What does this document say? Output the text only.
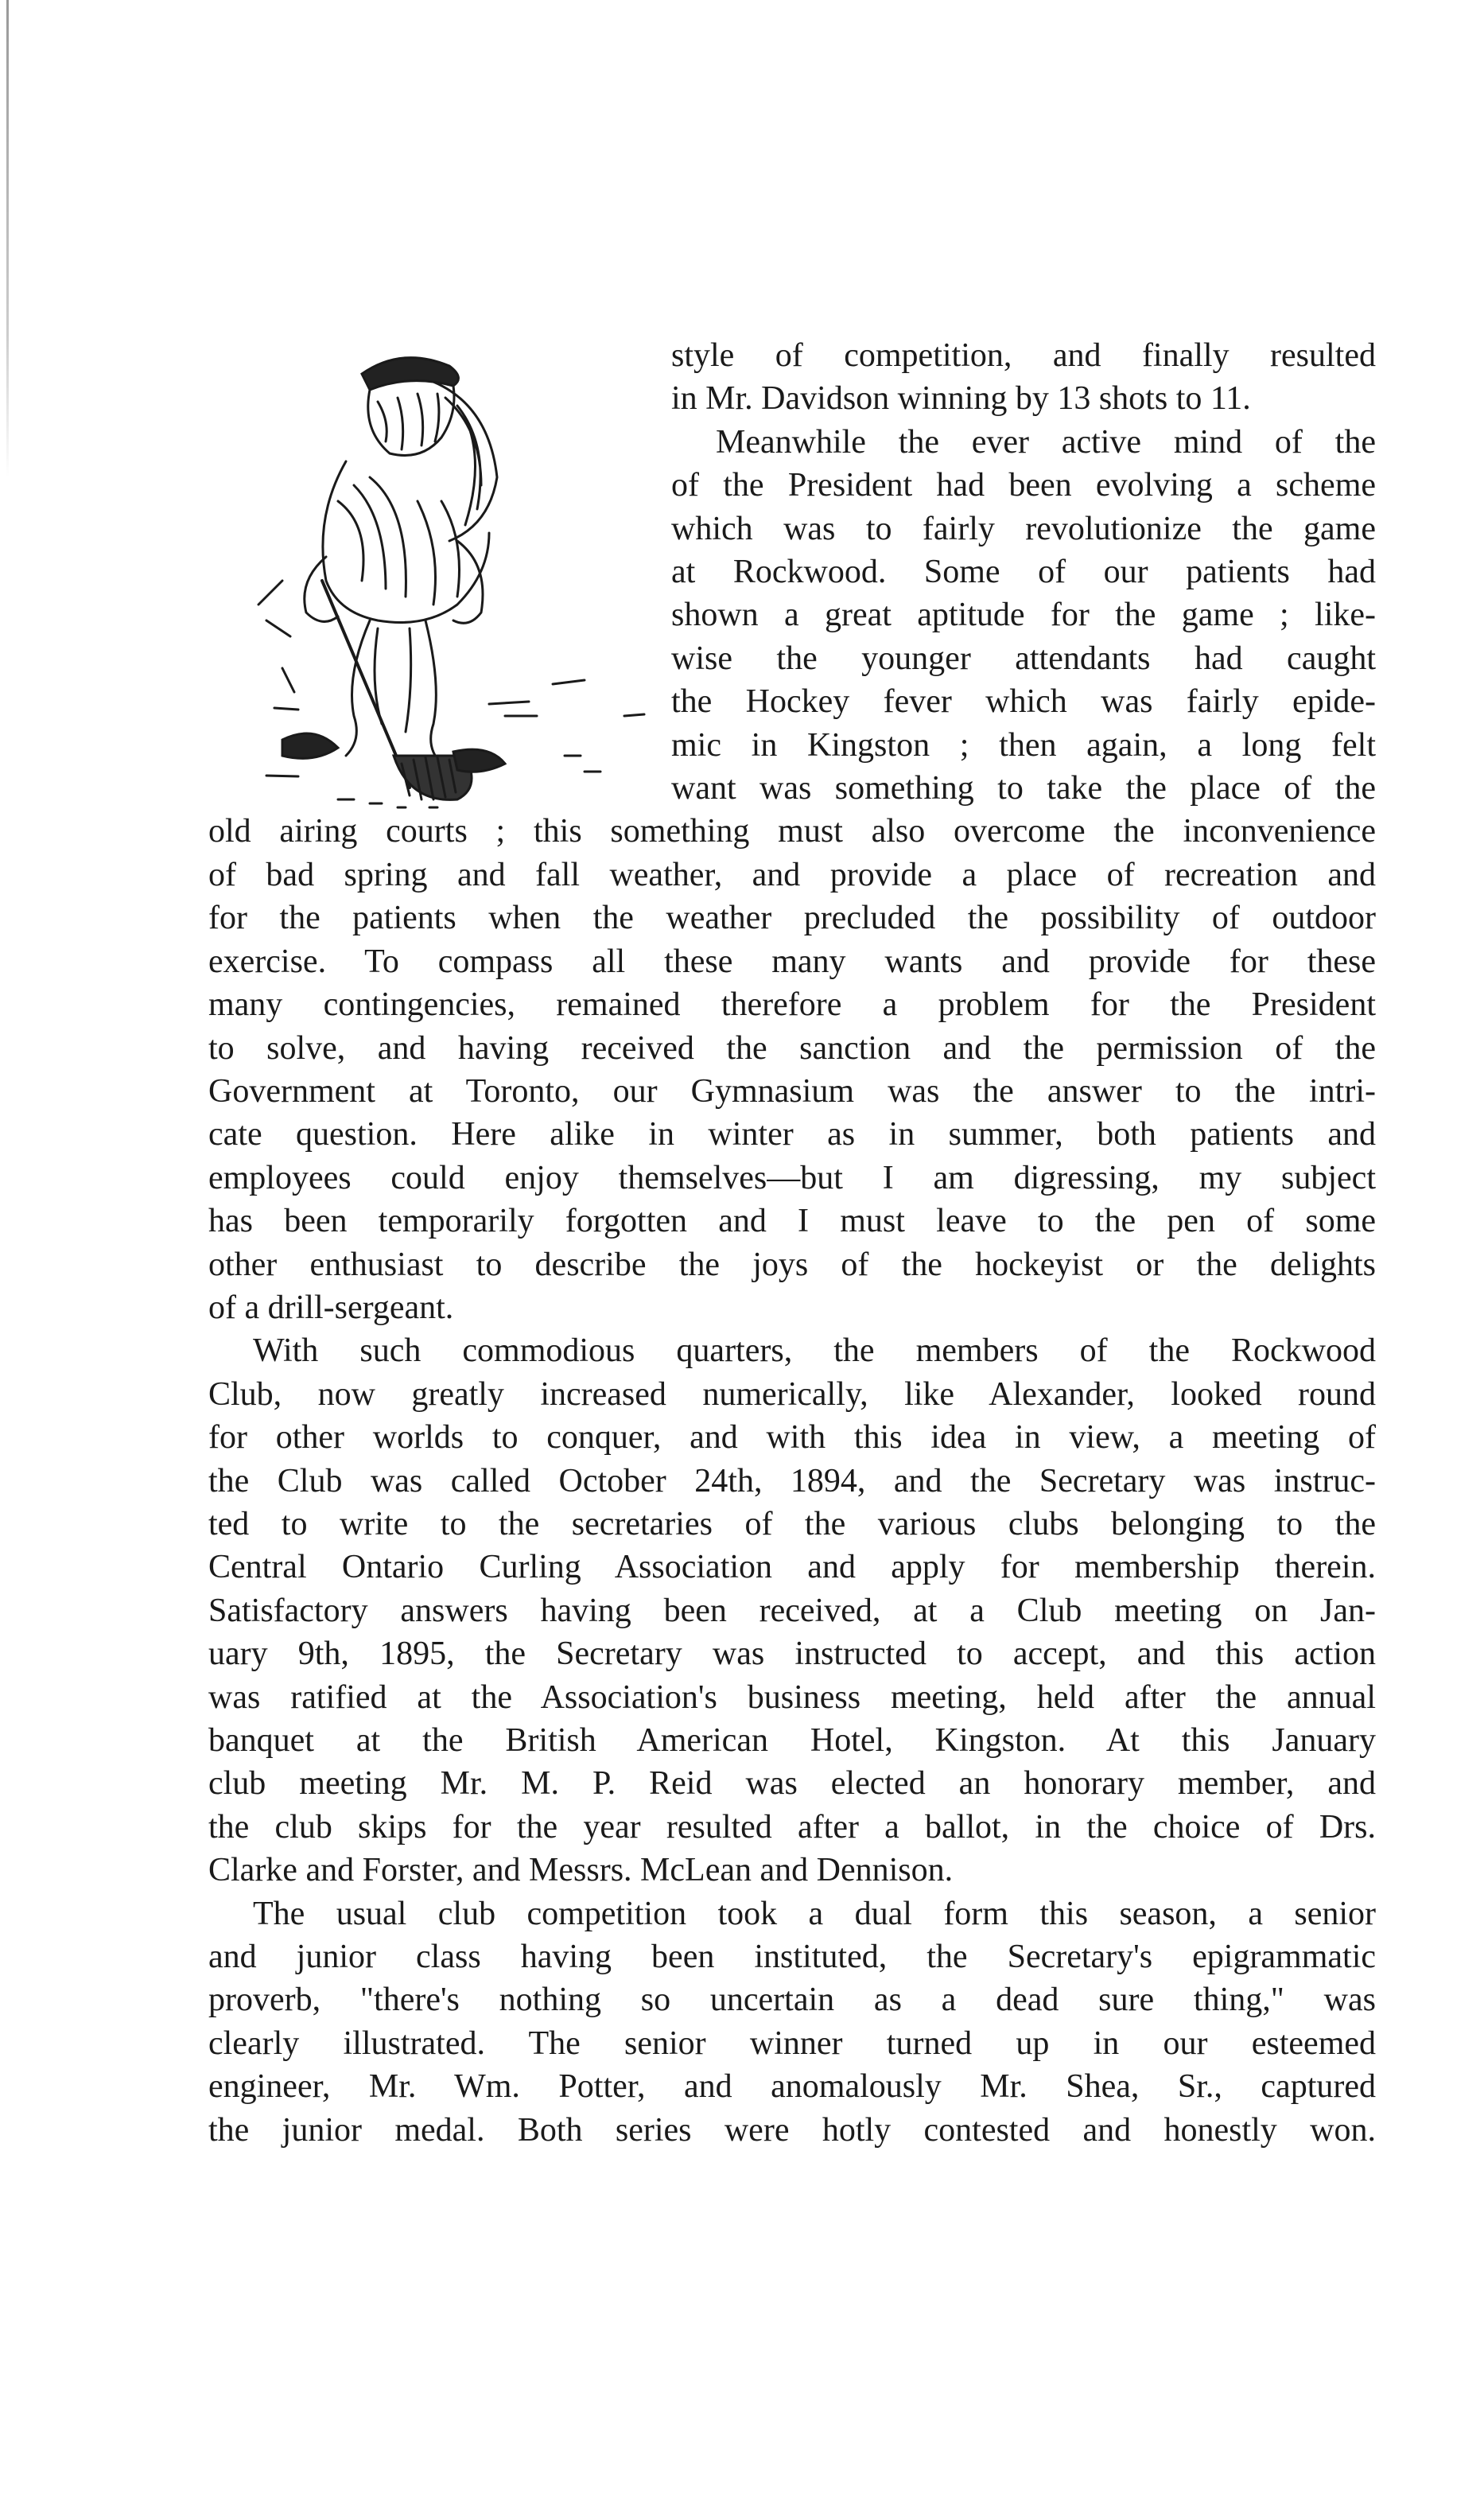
style of competition, and finally resulted
in Mr. Davidson winning by 13 shots to 11.
Meanwhile the ever active mind of the
of the President had been evolving a scheme
which was to fairly revolutionize the game
at Rockwood. Some of our patients had
shown a great aptitude for the game ; like-
wise the younger attendants had caught
the Hockey fever which was fairly epide-
mic in Kingston ; then again, a long felt
want was something to take the place of the
old airing courts ; this something must also overcome the inconvenience
of bad spring and fall weather, and provide a place of recreation and
for the patients when the weather precluded the possibility of outdoor
exercise. To compass all these many wants and provide for these
many contingencies, remained therefore a problem for the President
to solve, and having received the sanction and the permission of the
Government at Toronto, our Gymnasium was the answer to the intri-
cate question. Here alike in winter as in summer, both patients and
employees could enjoy themselves—but I am digressing, my subject
has been temporarily forgotten and I must leave to the pen of some
other enthusiast to describe the joys of the hockeyist or the delights
of a drill-sergeant.
With such commodious quarters, the members of the Rockwood
Club, now greatly increased numerically, like Alexander, looked round
for other worlds to conquer, and with this idea in view, a meeting of
the Club was called October 24th, 1894, and the Secretary was instruc-
ted to write to the secretaries of the various clubs belonging to the
Central Ontario Curling Association and apply for membership therein.
Satisfactory answers having been received, at a Club meeting on Jan-
uary 9th, 1895, the Secretary was instructed to accept, and this action
was ratified at the Association's business meeting, held after the annual
banquet at the British American Hotel, Kingston. At this January
club meeting Mr. M. P. Reid was elected an honorary member, and
the club skips for the year resulted after a ballot, in the choice of Drs.
Clarke and Forster, and Messrs. McLean and Dennison.
The usual club competition took a dual form this season, a senior
and junior class having been instituted, the Secretary's epigrammatic
proverb, "there's nothing so uncertain as a dead sure thing," was
clearly illustrated. The senior winner turned up in our esteemed
engineer, Mr. Wm. Potter, and anomalously Mr. Shea, Sr., captured
the junior medal. Both series were hotly contested and honestly won.
